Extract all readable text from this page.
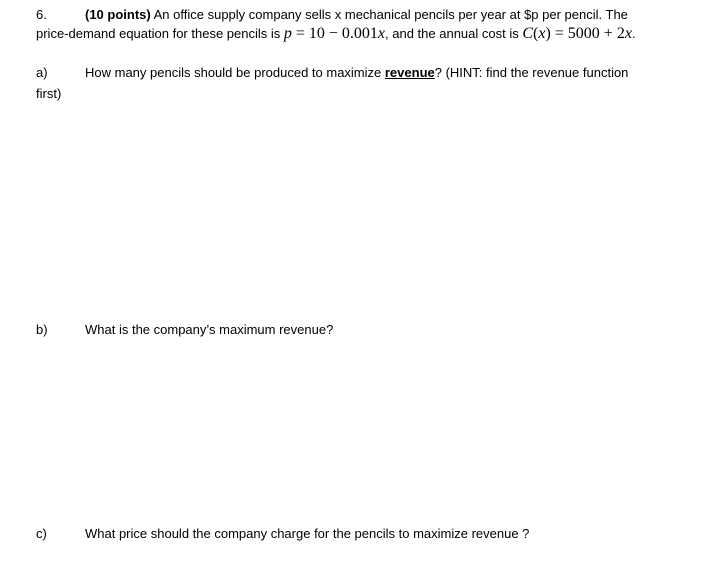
6.	(10 points) An office supply company sells x mechanical pencils per year at $p per pencil. The
price-demand equation for these pencils is p = 10 − 0.001x, and the annual cost is C(x) = 5000 + 2x.
a)	How many pencils should be produced to maximize revenue? (HINT: find the revenue function
first)
b)	What is the company’s maximum revenue?
c)	What price should the company charge for the pencils to maximize revenue ?
